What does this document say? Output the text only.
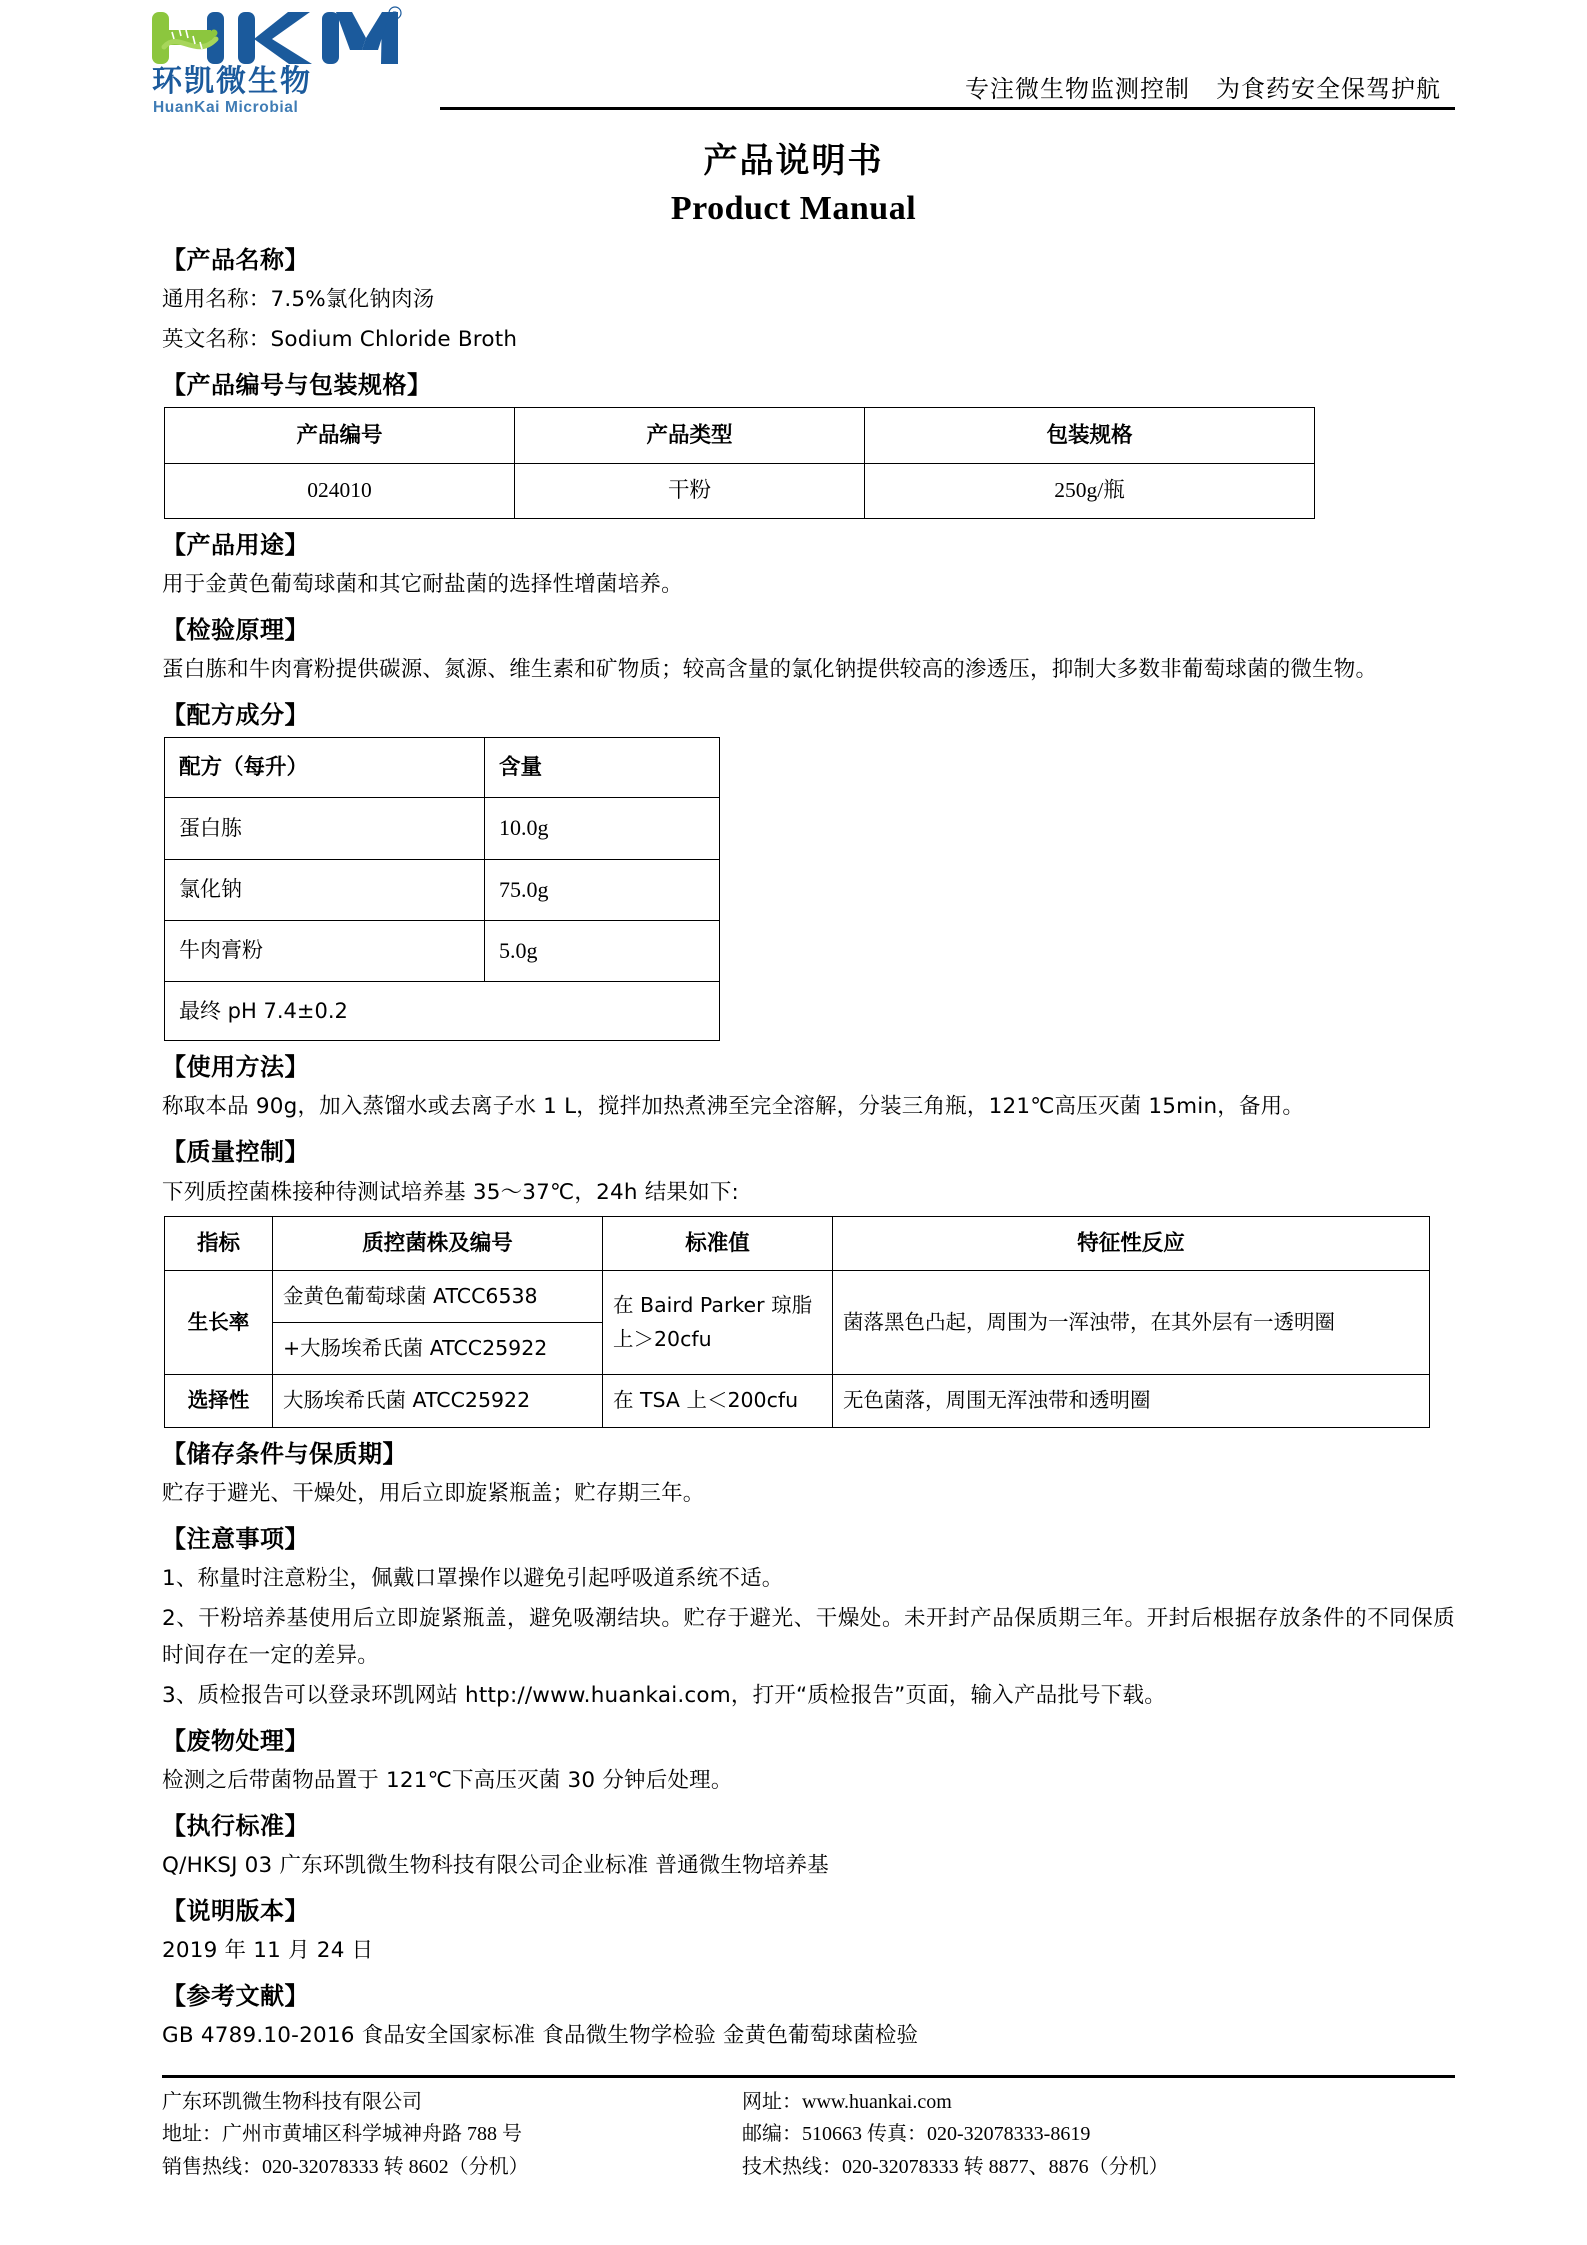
R
环凯微生物
HuanKai Microbial
专注微生物监测控制 为食药安全保驾护航
产品说明书
Product Manual
【产品名称】

通用名称：7.5%氯化钠肉汤

英文名称：Sodium Chloride Broth

【产品编号与包装规格】
产品编号	产品类型	包装规格
024010	干粉	250g/瓶
【产品用途】

用于金黄色葡萄球菌和其它耐盐菌的选择性增菌培养。

【检验原理】

蛋白胨和牛肉膏粉提供碳源、氮源、维生素和矿物质；较高含量的氯化钠提供较高的渗透压，抑制大多数非葡萄球菌的微生物。

【配方成分】
配方（每升）	含量
蛋白胨	10.0g
氯化钠	75.0g
牛肉膏粉	5.0g
最终 pH 7.4±0.2	
【使用方法】

称取本品 90g，加入蒸馏水或去离子水 1 L，搅拌加热煮沸至完全溶解，分装三角瓶，121℃高压灭菌 15min，备用。

【质量控制】

下列质控菌株接种待测试培养基 35～37℃，24h 结果如下:

指标	质控菌株及编号	标准值	特征性反应
生长率	金黄色葡萄球菌 ATCC6538	在 Baird Parker 琼脂上＞20cfu	菌落黑色凸起，周围为一浑浊带，在其外层有一透明圈
	+大肠埃希氏菌 ATCC25922		
选择性	大肠埃希氏菌 ATCC25922	在 TSA 上＜200cfu	无色菌落，周围无浑浊带和透明圈
【储存条件与保质期】

贮存于避光、干燥处，用后立即旋紧瓶盖；贮存期三年。

【注意事项】

1、称量时注意粉尘，佩戴口罩操作以避免引起呼吸道系统不适。

2、干粉培养基使用后立即旋紧瓶盖，避免吸潮结块。贮存于避光、干燥处。未开封产品保质期三年。开封后根据存放条件的不同保质时间存在一定的差异。

3、质检报告可以登录环凯网站 http://www.huankai.com，打开“质检报告”页面，输入产品批号下载。

【废物处理】

检测之后带菌物品置于 121℃下高压灭菌 30 分钟后处理。

【执行标准】

Q/HKSJ 03 广东环凯微生物科技有限公司企业标准 普通微生物培养基

【说明版本】

2019 年 11 月 24 日

【参考文献】

GB 4789.10-2016 食品安全国家标准 食品微生物学检验 金黄色葡萄球菌检验

广东环凯微生物科技有限公司
地址：广州市黄埔区科学城神舟路 788 号
销售热线：020-32078333 转 8602（分机）
网址：www.huankai.com
邮编：510663 传真：020-32078333-8619
技术热线：020-32078333 转 8877、8876（分机）
